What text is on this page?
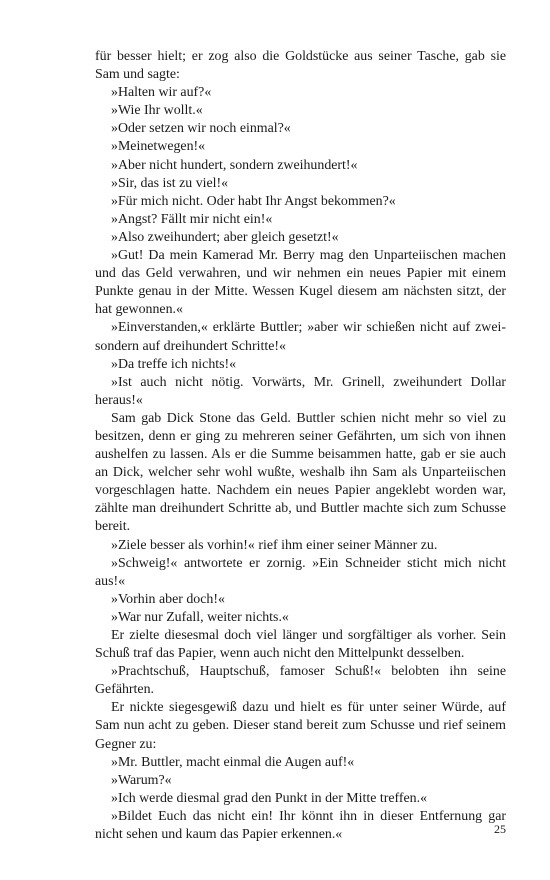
für besser hielt; er zog also die Goldstücke aus seiner Tasche, gab sie Sam und sagte:

»Halten wir auf?«

»Wie Ihr wollt.«

»Oder setzen wir noch einmal?«

»Meinetwegen!«

»Aber nicht hundert, sondern zweihundert!«

»Sir, das ist zu viel!«

»Für mich nicht. Oder habt Ihr Angst bekommen?«

»Angst? Fällt mir nicht ein!«

»Also zweihundert; aber gleich gesetzt!«

»Gut! Da mein Kamerad Mr. Berry mag den Unparteiischen machen und das Geld verwahren, und wir nehmen ein neues Papier mit einem Punkte genau in der Mitte. Wessen Kugel diesem am nächsten sitzt, der hat gewonnen.«

»Einverstanden,« erklärte Buttler; »aber wir schießen nicht auf zwei- sondern auf dreihundert Schritte!«

»Da treffe ich nichts!«

»Ist auch nicht nötig. Vorwärts, Mr. Grinell, zweihundert Dollar heraus!«

Sam gab Dick Stone das Geld. Buttler schien nicht mehr so viel zu besitzen, denn er ging zu mehreren seiner Gefährten, um sich von ihnen aushelfen zu lassen. Als er die Summe beisammen hatte, gab er sie auch an Dick, welcher sehr wohl wußte, weshalb ihn Sam als Unparteiischen vorgeschlagen hatte. Nachdem ein neues Papier angeklebt worden war, zählte man dreihundert Schritte ab, und Buttler machte sich zum Schusse bereit.

»Ziele besser als vorhin!« rief ihm einer seiner Männer zu.

»Schweig!« antwortete er zornig. »Ein Schneider sticht mich nicht aus!«

»Vorhin aber doch!«

»War nur Zufall, weiter nichts.«

Er zielte diesesmal doch viel länger und sorgfältiger als vorher. Sein Schuß traf das Papier, wenn auch nicht den Mittelpunkt desselben.

»Prachtschuß, Hauptschuß, famoser Schuß!« belobten ihn seine Gefährten.

Er nickte siegesgewiß dazu und hielt es für unter seiner Würde, auf Sam nun acht zu geben. Dieser stand bereit zum Schusse und rief seinem Gegner zu:

»Mr. Buttler, macht einmal die Augen auf!«

»Warum?«

»Ich werde diesmal grad den Punkt in der Mitte treffen.«

»Bildet Euch das nicht ein! Ihr könnt ihn in dieser Entfernung gar nicht sehen und kaum das Papier erkennen.«	25
